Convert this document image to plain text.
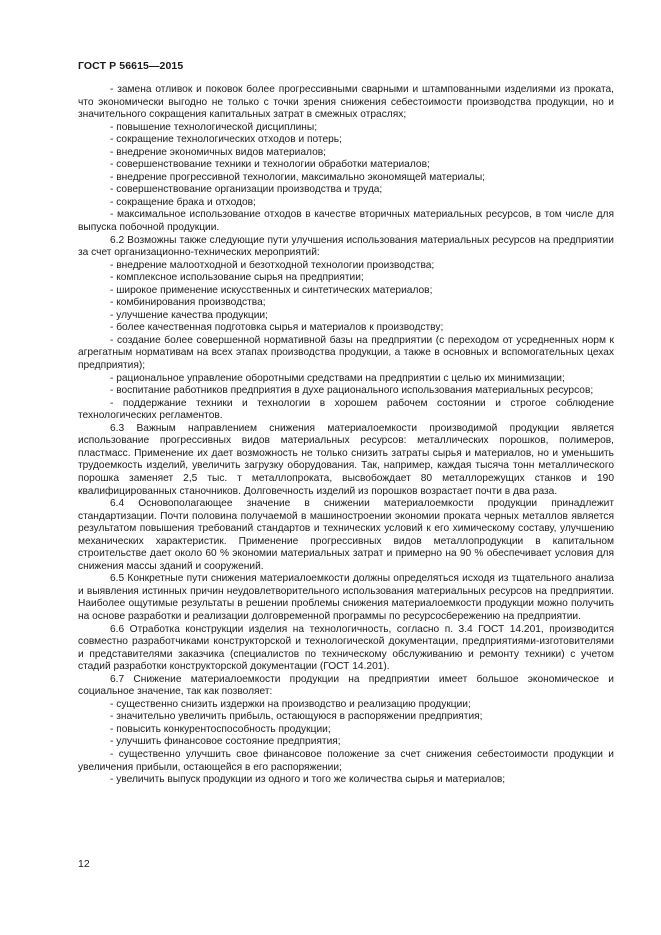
ГОСТ Р 56615—2015

- замена отливок и поковок более прогрессивными сварными и штампованными изделиями из проката, что экономически выгодно не только с точки зрения снижения себестоимости производства продукции, но и значительного сокращения капитальных затрат в смежных отраслях;

- повышение технологической дисциплины;

- сокращение технологических отходов и потерь;

- внедрение экономичных видов материалов;

- совершенствование техники и технологии обработки материалов;

- внедрение прогрессивной технологии, максимально экономящей материалы;

- совершенствование организации производства и труда;

- сокращение брака и отходов;

- максимальное использование отходов в качестве вторичных материальных ресурсов, в том числе для выпуска побочной продукции.

6.2 Возможны также следующие пути улучшения использования материальных ресурсов на предприятии за счет организационно-технических мероприятий:

- внедрение малоотходной и безотходной технологии производства;

- комплексное использование сырья на предприятии;

- широкое применение искусственных и синтетических материалов;

- комбинирования производства;

- улучшение качества продукции;

- более качественная подготовка сырья и материалов к производству;

- создание более совершенной нормативной базы на предприятии (с переходом от усредненных норм к агрегатным нормативам на всех этапах производства продукции, а также в основных и вспомогательных цехах предприятия);

- рациональное управление оборотными средствами на предприятии с целью их минимизации;

- воспитание работников предприятия в духе рационального использования материальных ресурсов;

- поддержание техники и технологии в хорошем рабочем состоянии и строгое соблюдение технологических регламентов.

6.3 Важным направлением снижения материалоемкости производимой продукции является использование прогрессивных видов материальных ресурсов: металлических порошков, полимеров, пластмасс. Применение их дает возможность не только снизить затраты сырья и материалов, но и уменьшить трудоемкость изделий, увеличить загрузку оборудования. Так, например, каждая тысяча тонн металлического порошка заменяет 2,5 тыс. т металлопроката, высвобождает 80 металлорежущих станков и 190 квалифицированных станочников. Долговечность изделий из порошков возрастает почти в два раза.

6.4 Основополагающее значение в снижении материалоемкости продукции принадлежит стандартизации. Почти половина получаемой в машиностроении экономии проката черных металлов является результатом повышения требований стандартов и технических условий к его химическому составу, улучшению механических характеристик. Применение прогрессивных видов металлопродукции в капитальном строительстве дает около 60 % экономии материальных затрат и примерно на 90 % обеспечивает условия для снижения массы зданий и сооружений.

6.5 Конкретные пути снижения материалоемкости должны определяться исходя из тщательного анализа и выявления истинных причин неудовлетворительного использования материальных ресурсов на предприятии. Наиболее ощутимые результаты в решении проблемы снижения материалоемкости продукции можно получить на основе разработки и реализации долговременной программы по ресурсосбережению на предприятии.

6.6 Отработка конструкции изделия на технологичность, согласно п. 3.4 ГОСТ 14.201, производится совместно разработчиками конструкторской и технологической документации, предприятиями-изготовителями и представителями заказчика (специалистов по техническому обслуживанию и ремонту техники) с учетом стадий разработки конструкторской документации (ГОСТ 14.201).

6.7 Снижение материалоемкости продукции на предприятии имеет большое экономическое и социальное значение, так как позволяет:

- существенно снизить издержки на производство и реализацию продукции;

- значительно увеличить прибыль, остающуюся в распоряжении предприятия;

- повысить конкурентоспособность продукции;

- улучшить финансовое состояние предприятия;

- существенно улучшить свое финансовое положение за счет снижения себестоимости продукции и увеличения прибыли, остающейся в его распоряжении;

- увеличить выпуск продукции из одного и того же количества сырья и материалов;

12
